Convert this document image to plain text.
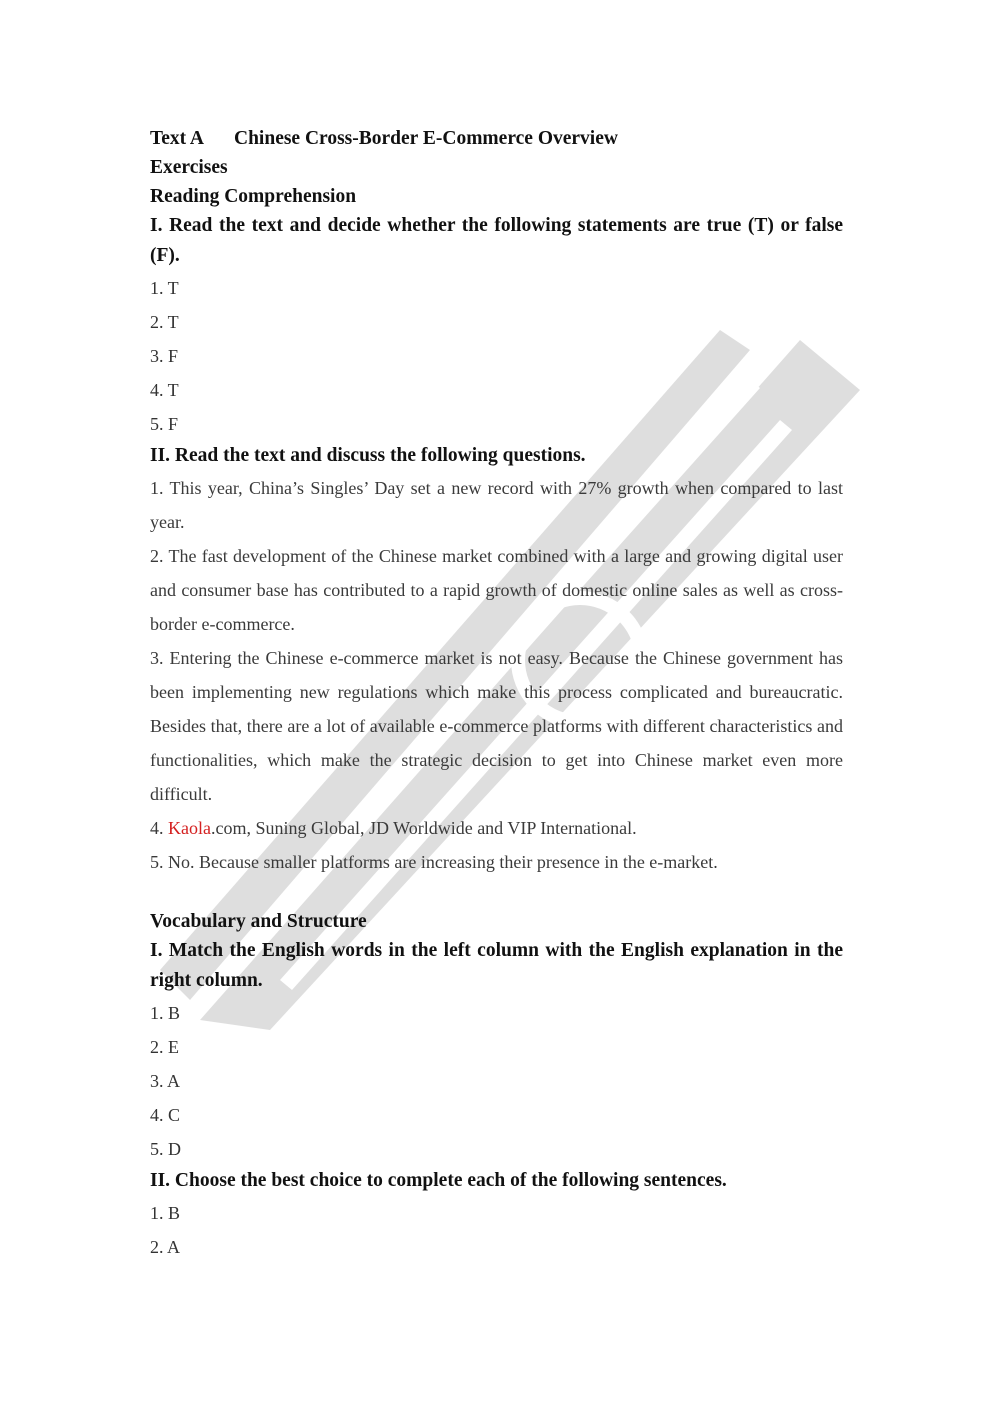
Text A Chinese Cross-Border E-Commerce Overview

Exercises

Reading Comprehension

I. Read the text and decide whether the following statements are true (T) or false (F).

1. T

2. T

3. F

4. T

5. F

II. Read the text and discuss the following questions.

1. This year, China’s Singles’ Day set a new record with 27% growth when compared to last year.

2. The fast development of the Chinese market combined with a large and growing digital user and consumer base has contributed to a rapid growth of domestic online sales as well as cross-border e-commerce.

3. Entering the Chinese e-commerce market is not easy. Because the Chinese government has been implementing new regulations which make this process complicated and bureaucratic. Besides that, there are a lot of available e-commerce platforms with different characteristics and functionalities, which make the strategic decision to get into Chinese market even more difficult.

4. Kaola.com, Suning Global, JD Worldwide and VIP International.

5. No. Because smaller platforms are increasing their presence in the e-market.

Vocabulary and Structure

I. Match the English words in the left column with the English explanation in the right column.

1. B

2. E

3. A

4. C

5. D

II. Choose the best choice to complete each of the following sentences.

1. B

2. A
